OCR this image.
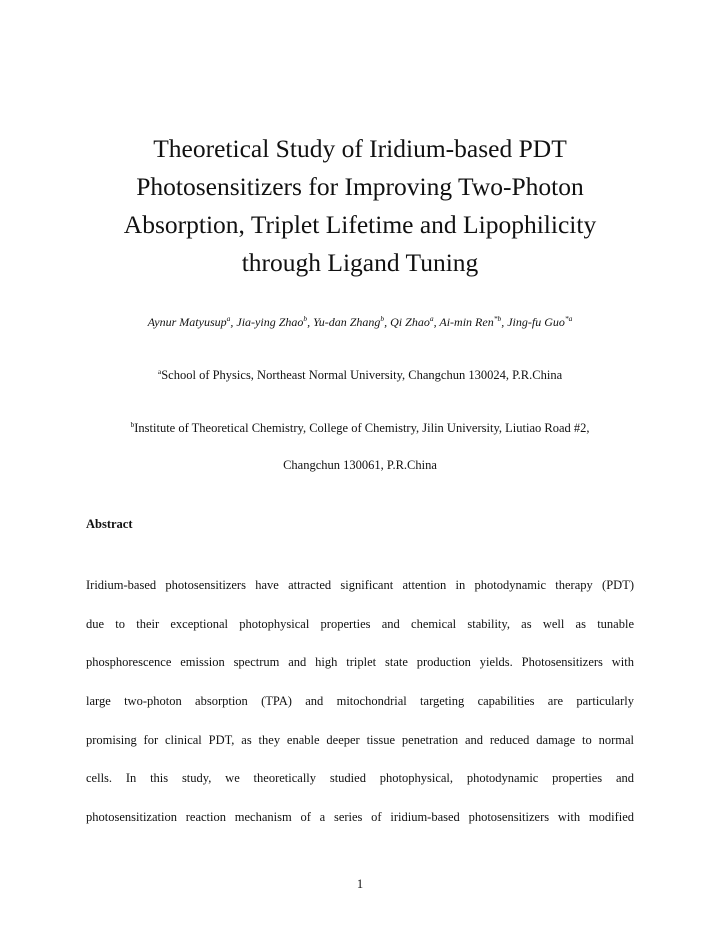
Theoretical Study of Iridium-based PDT
Photosensitizers for Improving Two-Photon
Absorption, Triplet Lifetime and Lipophilicity
through Ligand Tuning
Aynur Matyusup$^a$, Jia-ying Zhao$^b$, Yu-dan Zhang$^b$, Qi Zhao$^a$, Ai-min Ren$^{*b}$, Jing-fu Guo$^{*a}$
$^a$School of Physics, Northeast Normal University, Changchun 130024, P.R.China
$^b$Institute of Theoretical Chemistry, College of Chemistry, Jilin University, Liutiao Road #2,
Changchun 130061, P.R.China
Abstract
Iridium-based photosensitizers have attracted significant attention in photodynamic therapy (PDT)
due to their exceptional photophysical properties and chemical stability, as well as tunable
phosphorescence emission spectrum and high triplet state production yields. Photosensitizers with
large two-photon absorption (TPA) and mitochondrial targeting capabilities are particularly
promising for clinical PDT, as they enable deeper tissue penetration and reduced damage to normal
cells. In this study, we theoretically studied photophysical, photodynamic properties and
photosensitization reaction mechanism of a series of iridium-based photosensitizers with modified
1
